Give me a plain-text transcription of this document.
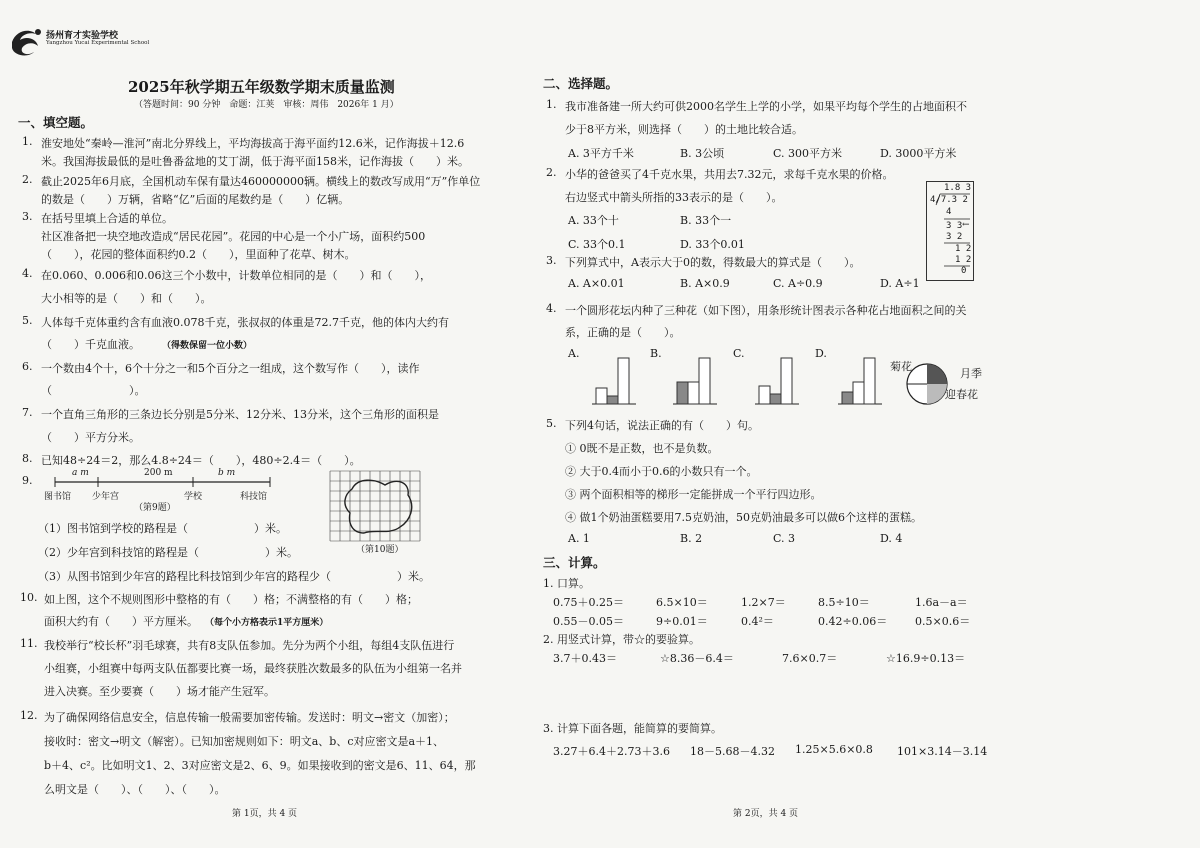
扬州育才实验学校
Yangzhou Yucai Experimental School
2025年秋学期五年级数学期末质量监测
（答题时间：90 分钟　命题：江荚　审核：周伟　2026年 1 月）
一、填空题。
1. 淮安地处“秦岭—淮河”南北分界线上，平均海拔高于海平面约12.6米，记作海拔＋12.6
米。我国海拔最低的是吐鲁番盆地的艾丁湖，低于海平面158米，记作海拔（　　）米。
2. 截止2025年6月底，全国机动车保有量达460000000辆。横线上的数改写成用“万”作单位
的数是（　　）万辆，省略“亿”后面的尾数约是（　　）亿辆。
3. 在括号里填上合适的单位。
社区准备把一块空地改造成“居民花园”。花园的中心是一个小广场，面积约500
（　　），花园的整体面积约0.2（　　），里面种了花草、树木。
4. 在0.060、0.006和0.06这三个小数中，计数单位相同的是（　　）和（　　），
大小相等的是（　　）和（　　）。
5. 人体每千克体重约含有血液0.078千克，张叔叔的体重是72.7千克，他的体内大约有
（　　）千克血液。 （得数保留一位小数）
6. 一个数由4个十，6个十分之一和5个百分之一组成，这个数写作（　　），读作
（　　　　　　　）。
7. 一个直角三角形的三条边长分别是5分米、12分米、13分米，这个三角形的面积是
（　　）平方分米。
8. 已知48÷24＝2，那么4.8÷24＝（　　），480÷2.4＝（　　）。
9.
a m	200 m	b m
图书馆 少年宫	学校	科技馆
（第9题）
（第10题）
（1）图书馆到学校的路程是（　　　　　　）米。
（2）少年宫到科技馆的路程是（　　　　　　）米。
（3）从图书馆到少年宫的路程比科技馆到少年宫的路程少（　　　　　　）米。
10. 如上图，这个不规则图形中整格的有（　　）格；不满整格的有（　　）格；
面积大约有（　　）平方厘米。 （每个小方格表示1平方厘米）
11. 我校举行“校长杯”羽毛球赛，共有8支队伍参加。先分为两个小组，每组4支队伍进行
小组赛，小组赛中每两支队伍都要比赛一场，最终获胜次数最多的队伍为小组第一名并
进入决赛。至少要赛（　　）场才能产生冠军。
12. 为了确保网络信息安全，信息传输一般需要加密传输。发送时：明文→密文（加密）；
接收时：密文→明文（解密）。已知加密规则如下：明文a、b、c对应密文是a＋1、
b＋4、c²。比如明文1、2、3对应密文是2、6、9。如果接收到的密文是6、11、64，那
么明文是（　　）、（　　）、（　　）。
第 1页，共 4 页
二、选择题。
1. 我市准备建一所大约可供2000名学生上学的小学，如果平均每个学生的占地面积不
少于8平方米，则选择（　　）的土地比较合适。
A. 3平方千米	B. 3公顷	C. 300平方米	D. 3000平方米
2. 小华的爸爸买了4千克水果，共用去7.32元，求每千克水果的价格。
右边竖式中箭头所指的33表示的是（　　）。
A. 33个十	B. 33个一
C. 33个0.1	D. 33个0.01
1.8 3
4/7.3 2
4
3 3 ←
3 2
1 2
1 2
0
3. 下列算式中，A表示大于0的数，得数最大的算式是（　　）。
A. A×0.01	B. A×0.9	C. A÷0.9	D. A÷1
4. 一个圆形花坛内种了三种花（如下图），用条形统计图表示各种花占地面积之间的关
系，正确的是（　　）。
A.	B.	C.	D.
菊花
月季
迎春花
5. 下列4句话，说法正确的有（　　）句。
① 0既不是正数，也不是负数。
② 大于0.4而小于0.6的小数只有一个。
③ 两个面积相等的梯形一定能拼成一个平行四边形。
④ 做1个奶油蛋糕要用7.5克奶油，50克奶油最多可以做6个这样的蛋糕。
A. 1	B. 2	C. 3	D. 4
三、计算。
1. 口算。
0.75＋0.25＝	6.5×10＝	1.2×7＝	8.5÷10＝	1.6a－a＝
0.55－0.05＝	9÷0.01＝	0.4²＝	0.42÷0.06＝	0.5×0.6＝
2. 用竖式计算，带☆的要验算。
3.7＋0.43＝	☆8.36－6.4＝	7.6×0.7＝	☆16.9÷0.13＝
3. 计算下面各题，能简算的要简算。
3.27＋6.4＋2.73＋3.6 18－5.68－4.32 1.25×5.6×0.8 101×3.14－3.14
第 2页，共 4 页
